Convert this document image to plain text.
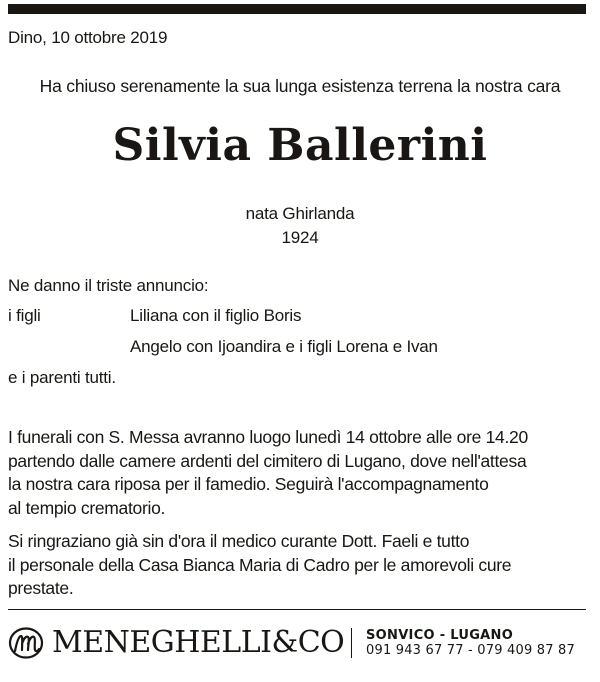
Dino, 10 ottobre 2019
Ha chiuso serenamente la sua lunga esistenza terrena la nostra cara
Silvia Ballerini
nata Ghirlanda
1924
Ne danno il triste annuncio:
i figli	Liliana con il figlio Boris
Angelo con Ijoandira e i figli Lorena e Ivan
e i parenti tutti.
I funerali con S. Messa avranno luogo lunedì 14 ottobre alle ore 14.20
partendo dalle camere ardenti del cimitero di Lugano, dove nell'attesa
la nostra cara riposa per il famedio. Seguirà l'accompagnamento
al tempio crematorio.
Si ringraziano già sin d'ora il medico curante Dott. Faeli e tutto
il personale della Casa Bianca Maria di Cadro per le amorevoli cure
prestate.
MENEGHELLI&CO SONVICO - LUGANO
091 943 67 77 - 079 409 87 87
